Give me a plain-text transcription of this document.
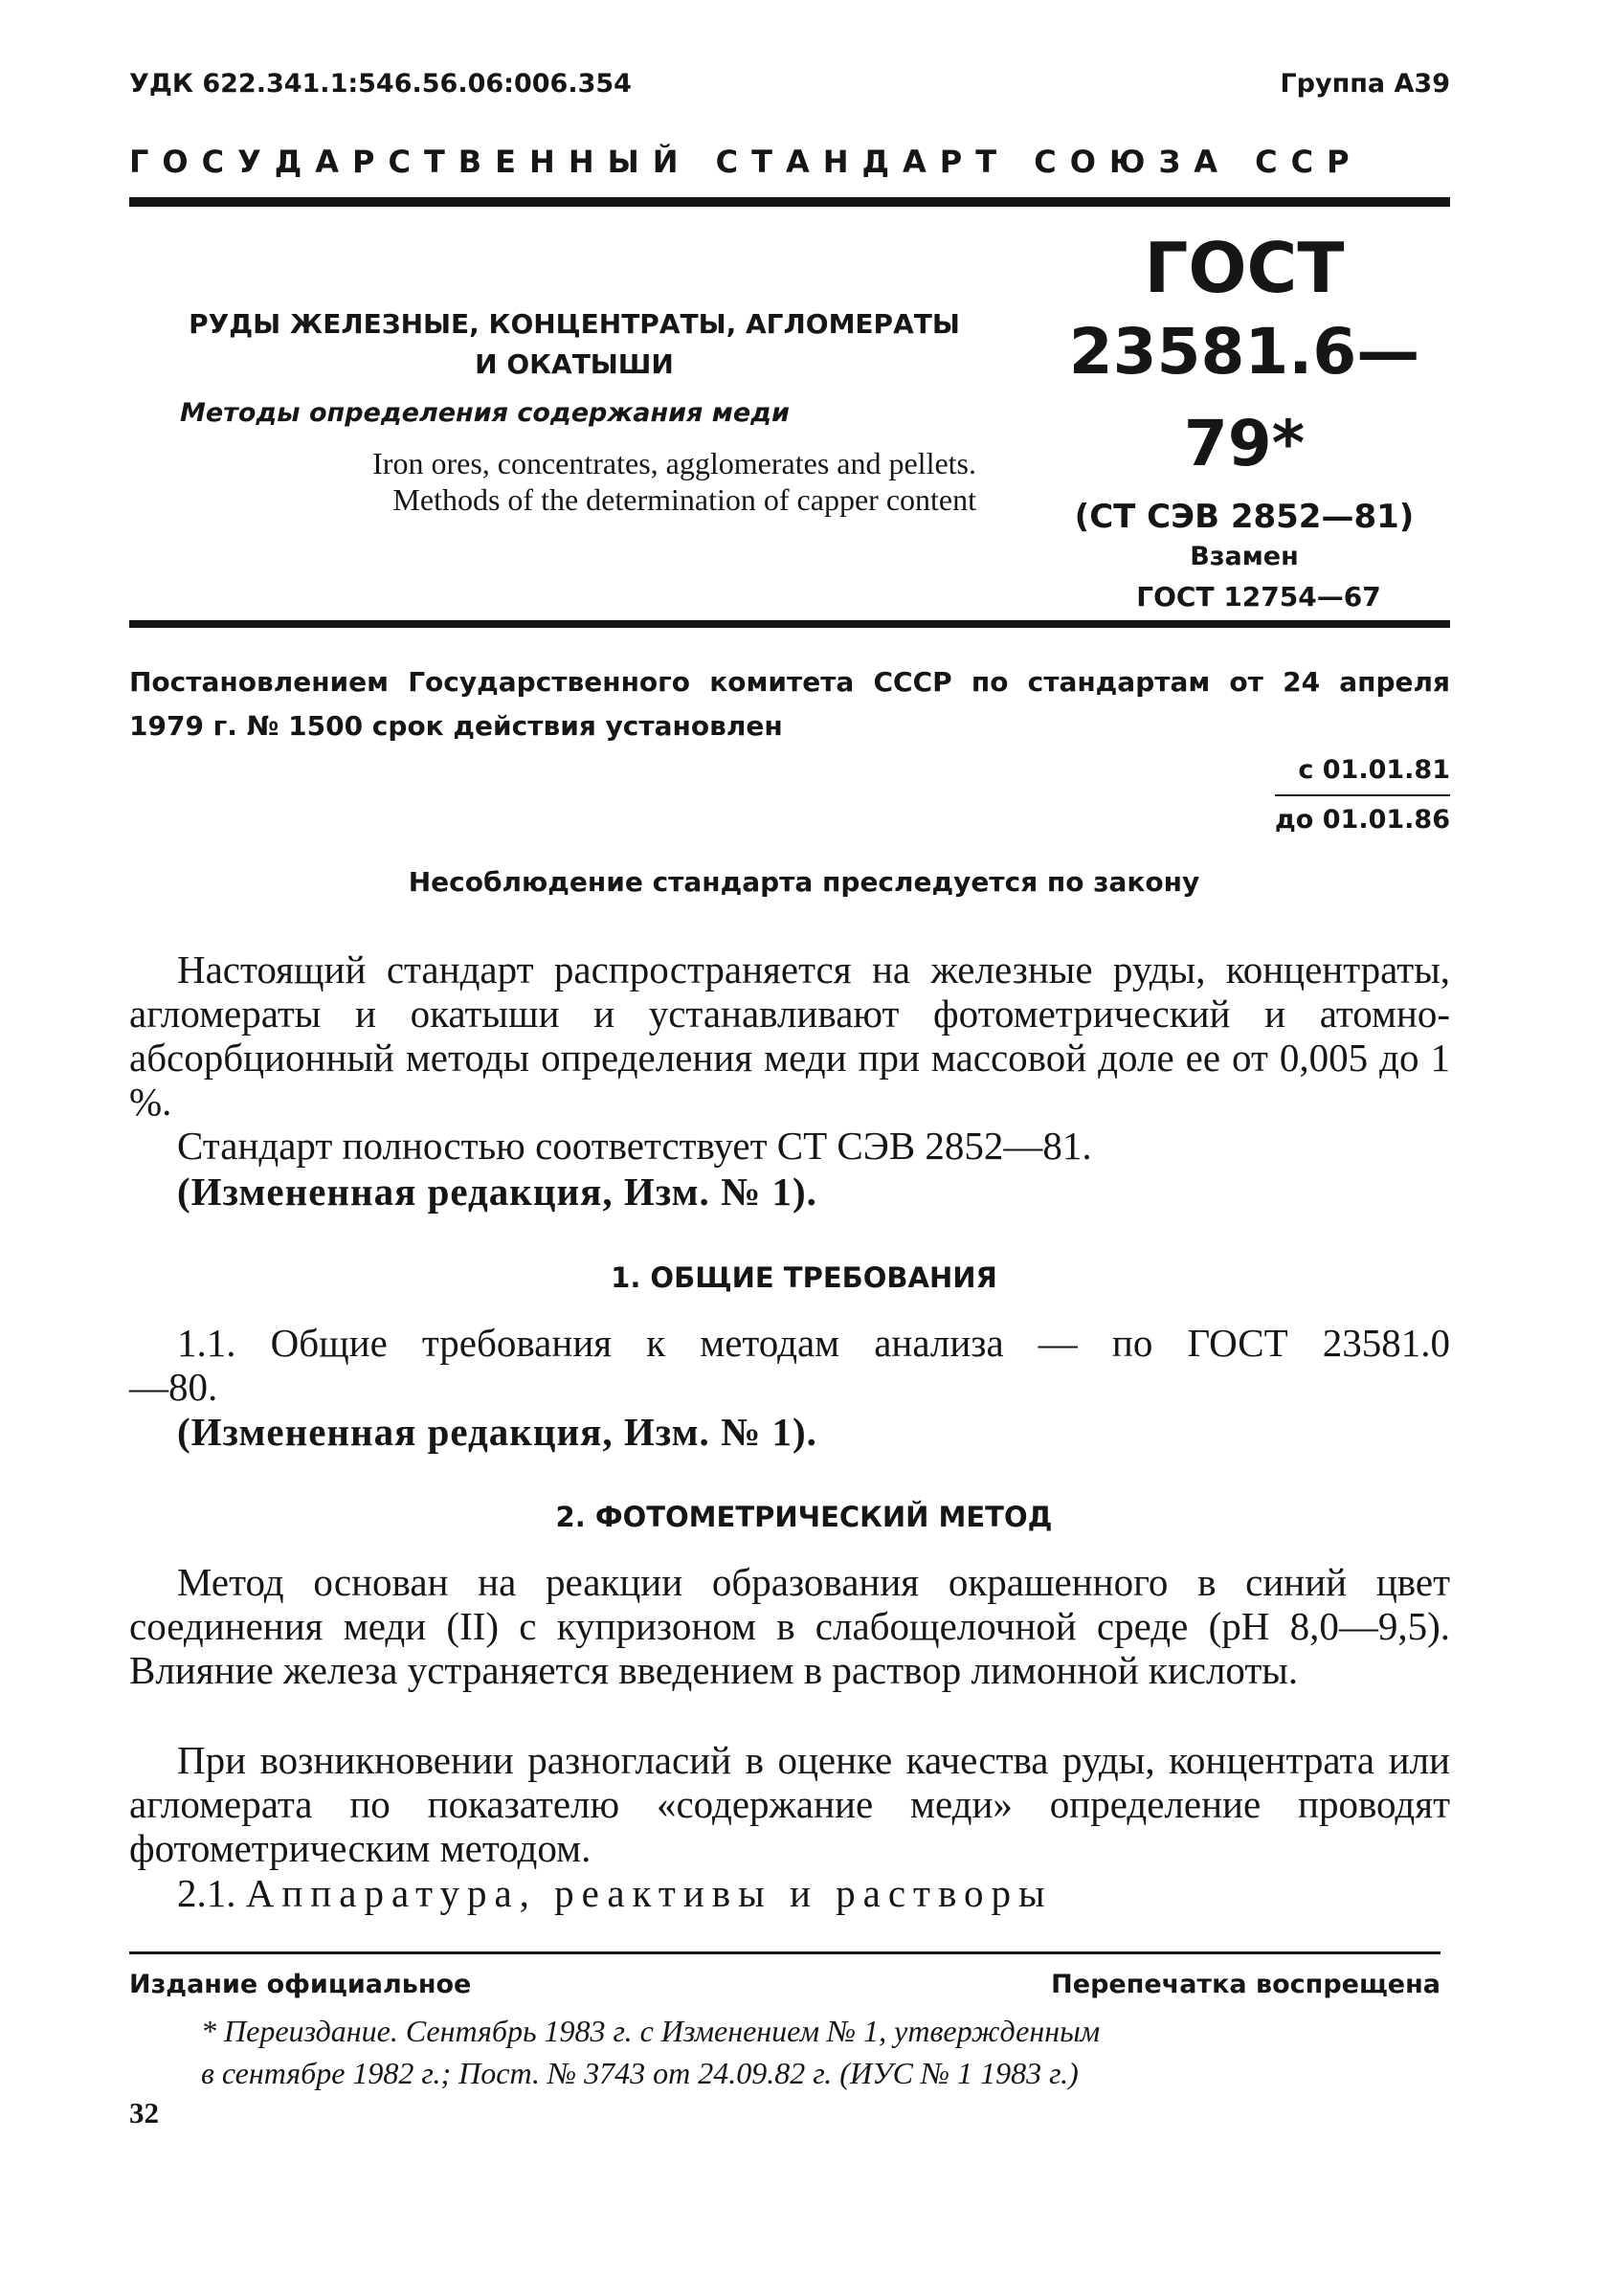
УДК 622.341.1:546.56.06:006.354	Группа А39
ГОСУДАРСТВЕННЫЙ СТАНДАРТ СОЮЗА ССР
РУДЫ ЖЕЛЕЗНЫЕ, КОНЦЕНТРАТЫ, АГЛОМЕРАТЫ
И ОКАТЫШИ
Методы определения содержания меди
Iron ores, concentrates, agglomerates and pellets.
Methods of the determination of capper content
ГОСТ
23581.6—79*
(СТ СЭВ 2852—81)
Взамен
ГОСТ 12754—67
Постановлением Государственного комитета СССР по стандартам от 24 апреля 1979 г. № 1500 срок действия установлен
с 01.01.81
до 01.01.86
Несоблюдение стандарта преследуется по закону
Настоящий стандарт распространяется на железные руды, концентраты, агломераты и окатыши и устанавливают фотометрический и атомно-абсорбционный методы определения меди при массовой доле ее от 0,005 до 1 %.
Стандарт полностью соответствует СТ СЭВ 2852—81.
(Измененная редакция, Изм. № 1).
1. ОБЩИЕ ТРЕБОВАНИЯ
1.1. Общие требования к методам анализа — по ГОСТ 23581.0—80.
(Измененная редакция, Изм. № 1).
2. ФОТОМЕТРИЧЕСКИЙ МЕТОД
Метод основан на реакции образования окрашенного в синий цвет соединения меди (II) с купризоном в слабощелочной среде (рН 8,0—9,5). Влияние железа устраняется введением в раствор лимонной кислоты.
При возникновении разногласий в оценке качества руды, концентрата или агломерата по показателю «содержание меди» определение проводят фотометрическим методом.
2.1. Аппаратура, реактивы и растворы
Издание официальное	Перепечатка воспрещена
* Переиздание. Сентябрь 1983 г. с Изменением № 1, утвержденным
в сентябре 1982 г.; Пост. № 3743 от 24.09.82 г. (ИУС № 1 1983 г.)
32
